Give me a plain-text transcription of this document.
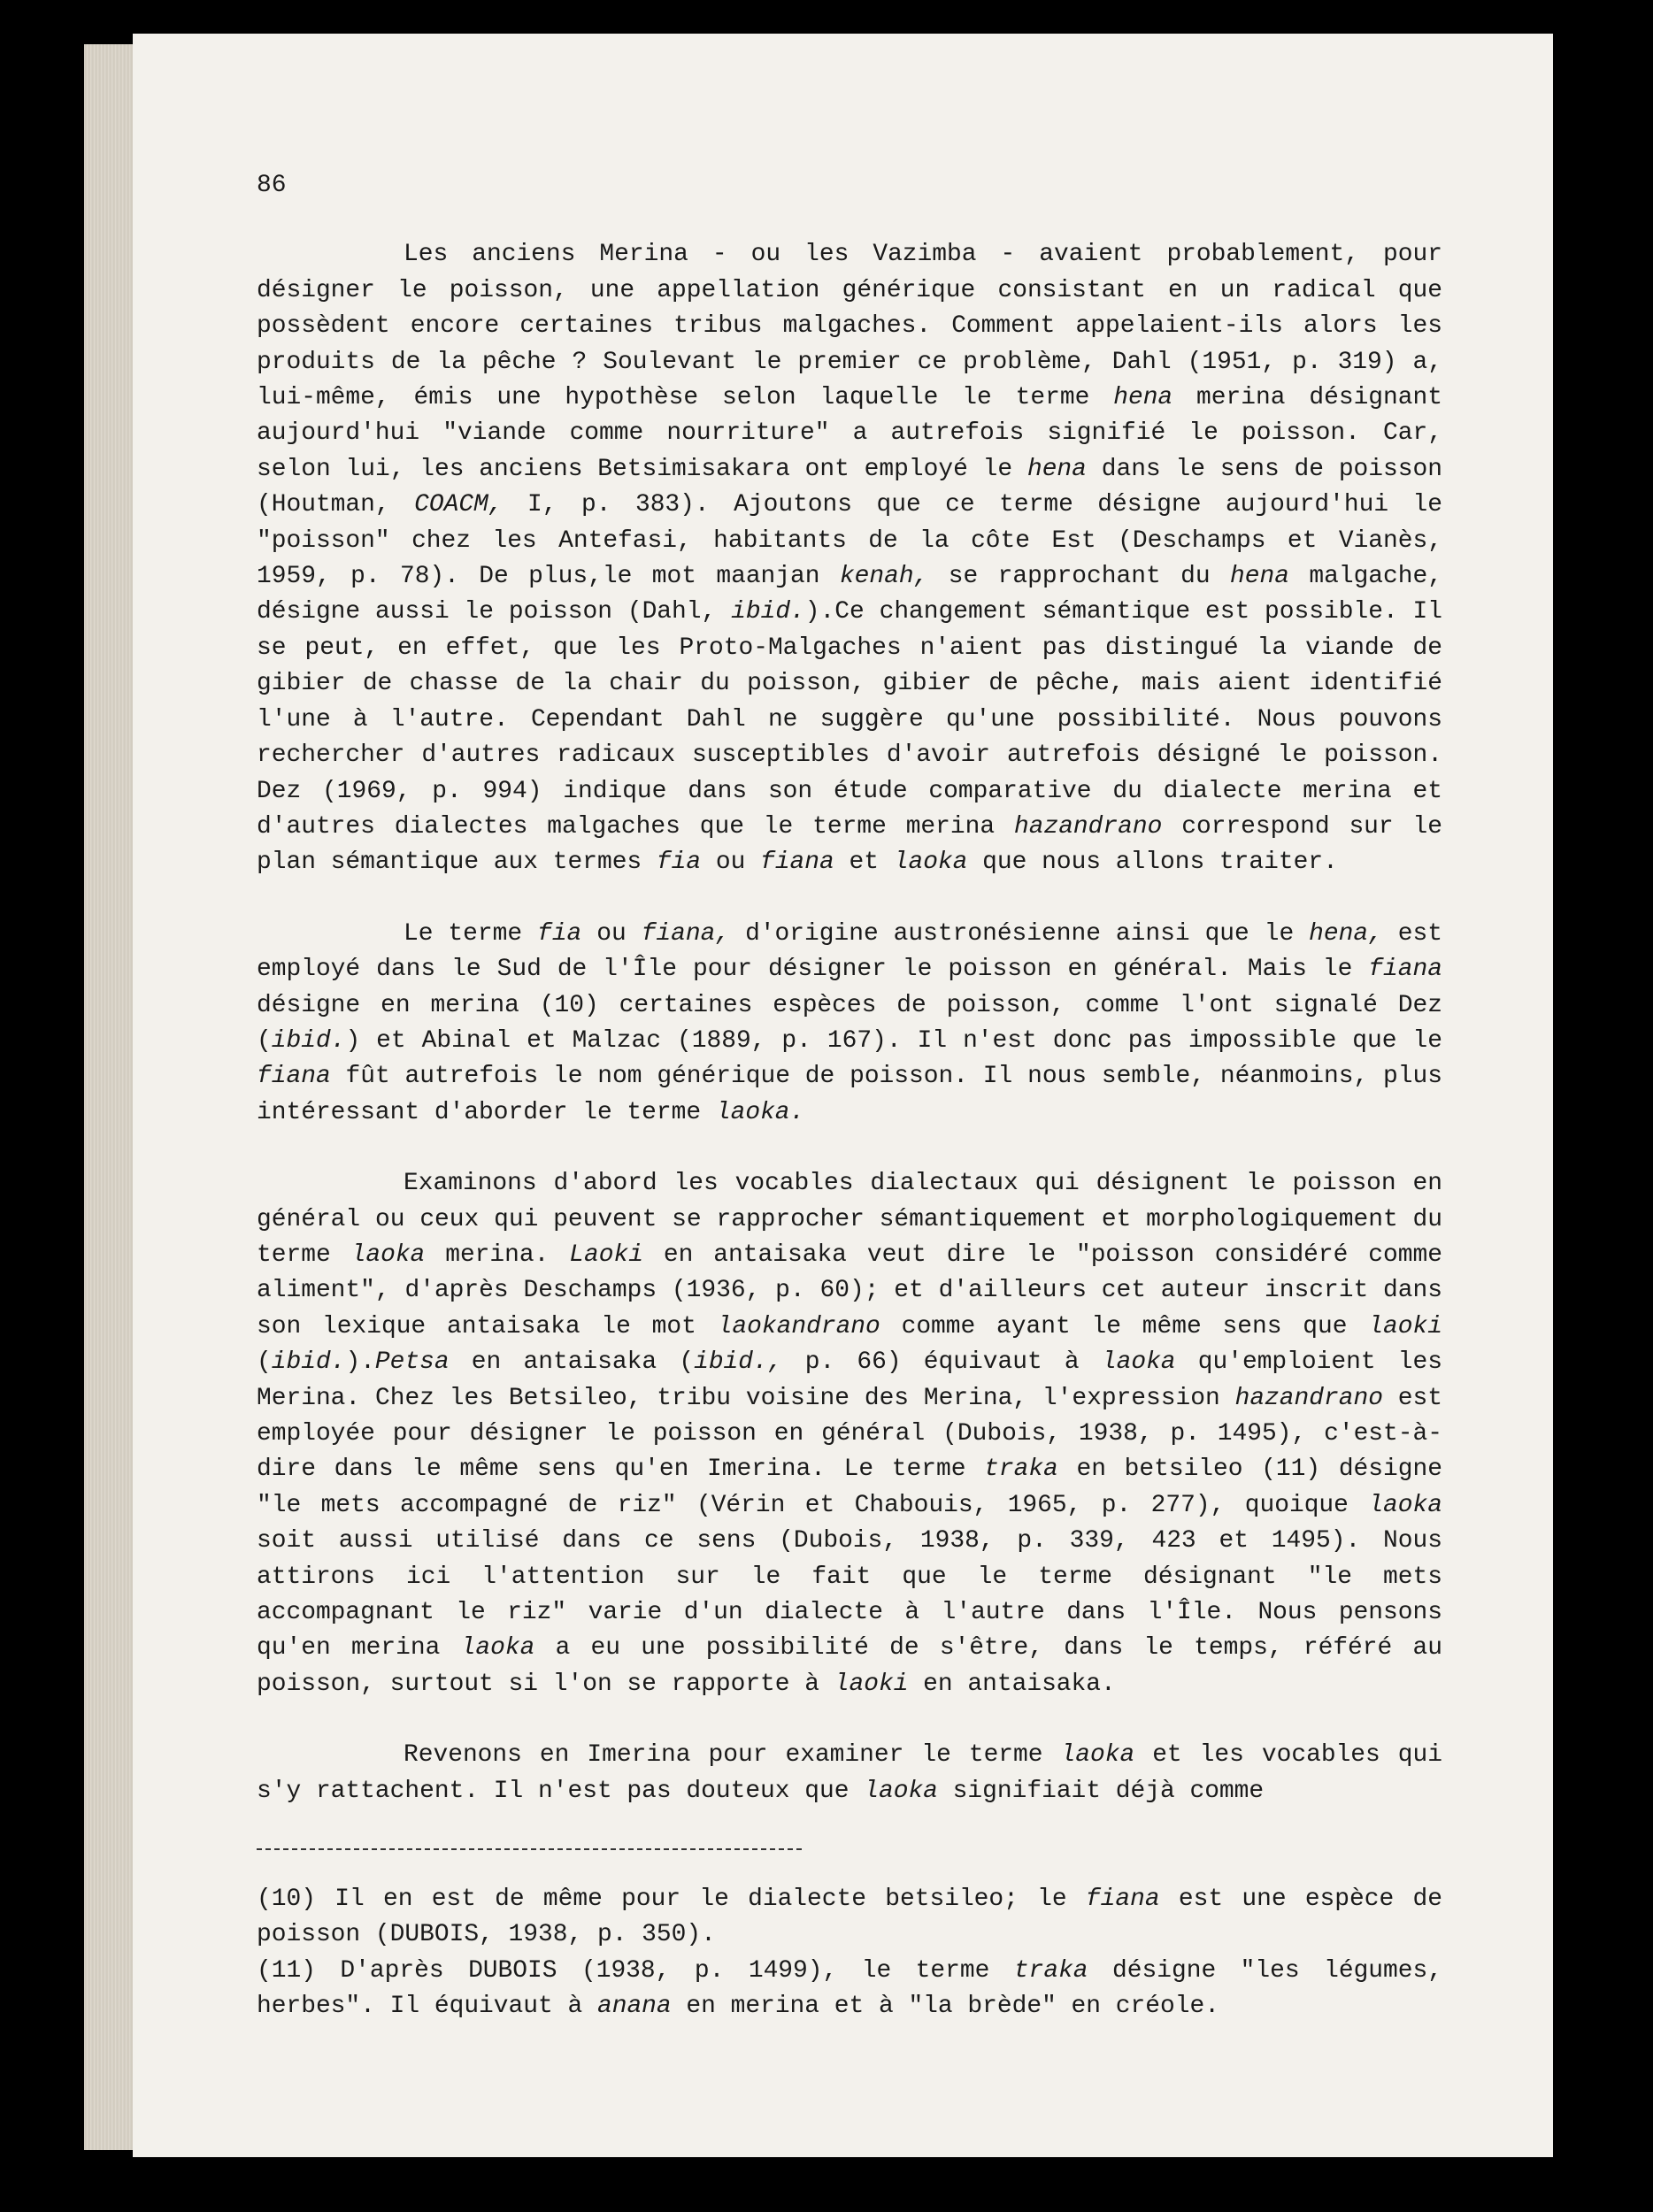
86

Les anciens Merina - ou les Vazimba - avaient probablement, pour désigner le poisson, une appellation générique consistant en un radical que possèdent encore certaines tribus malgaches. Comment appelaient-ils alors les produits de la pêche ? Soulevant le premier ce problème, Dahl (1951, p. 319) a, lui-même, émis une hypothèse selon laquelle le terme hena merina désignant aujourd'hui "viande comme nourriture" a autrefois signifié le poisson. Car, selon lui, les anciens Betsimisakara ont employé le hena dans le sens de poisson (Houtman, COACM, I, p. 383). Ajoutons que ce terme désigne aujourd'hui le "poisson" chez les Antefasi, habitants de la côte Est (Deschamps et Vianès, 1959, p. 78). De plus,le mot maanjan kenah, se rapprochant du hena malgache, désigne aussi le poisson (Dahl, ibid.).Ce changement sémantique est possible. Il se peut, en effet, que les Proto-Malgaches n'aient pas distingué la viande de gibier de chasse de la chair du poisson, gibier de pêche, mais aient identifié l'une à l'autre. Cependant Dahl ne suggère qu'une possibilité. Nous pouvons rechercher d'autres radicaux susceptibles d'avoir autrefois désigné le poisson. Dez (1969, p. 994) indique dans son étude comparative du dialecte merina et d'autres dialectes malgaches que le terme merina hazandrano correspond sur le plan sémantique aux termes fia ou fiana et laoka que nous allons traiter.

Le terme fia ou fiana, d'origine austronésienne ainsi que le hena, est employé dans le Sud de l'Île pour désigner le poisson en général. Mais le fiana désigne en merina (10) certaines espèces de poisson, comme l'ont signalé Dez (ibid.) et Abinal et Malzac (1889, p. 167). Il n'est donc pas impossible que le fiana fût autrefois le nom générique de poisson. Il nous semble, néanmoins, plus intéressant d'aborder le terme laoka.

Examinons d'abord les vocables dialectaux qui désignent le poisson en général ou ceux qui peuvent se rapprocher sémantiquement et morphologiquement du terme laoka merina. Laoki en antaisaka veut dire le "poisson considéré comme aliment", d'après Deschamps (1936, p. 60); et d'ailleurs cet auteur inscrit dans son lexique antaisaka le mot laokandrano comme ayant le même sens que laoki (ibid.).Petsa en antaisaka (ibid., p. 66) équivaut à laoka qu'emploient les Merina. Chez les Betsileo, tribu voisine des Merina, l'expression hazandrano est employée pour désigner le poisson en général (Dubois, 1938, p. 1495), c'est-à-dire dans le même sens qu'en Imerina. Le terme traka en betsileo (11) désigne "le mets accompagné de riz" (Vérin et Chabouis, 1965, p. 277), quoique laoka soit aussi utilisé dans ce sens (Dubois, 1938, p. 339, 423 et 1495). Nous attirons ici l'attention sur le fait que le terme désignant "le mets accompagnant le riz" varie d'un dialecte à l'autre dans l'Île. Nous pensons qu'en merina laoka a eu une possibilité de s'être, dans le temps, référé au poisson, surtout si l'on se rapporte à laoki en antaisaka.

Revenons en Imerina pour examiner le terme laoka et les vocables qui s'y rattachent. Il n'est pas douteux que laoka signifiait déjà comme

(10) Il en est de même pour le dialecte betsileo; le fiana est une espèce de poisson (DUBOIS, 1938, p. 350).

(11) D'après DUBOIS (1938, p. 1499), le terme traka désigne "les légumes, herbes". Il équivaut à anana en merina et à "la brède" en créole.
